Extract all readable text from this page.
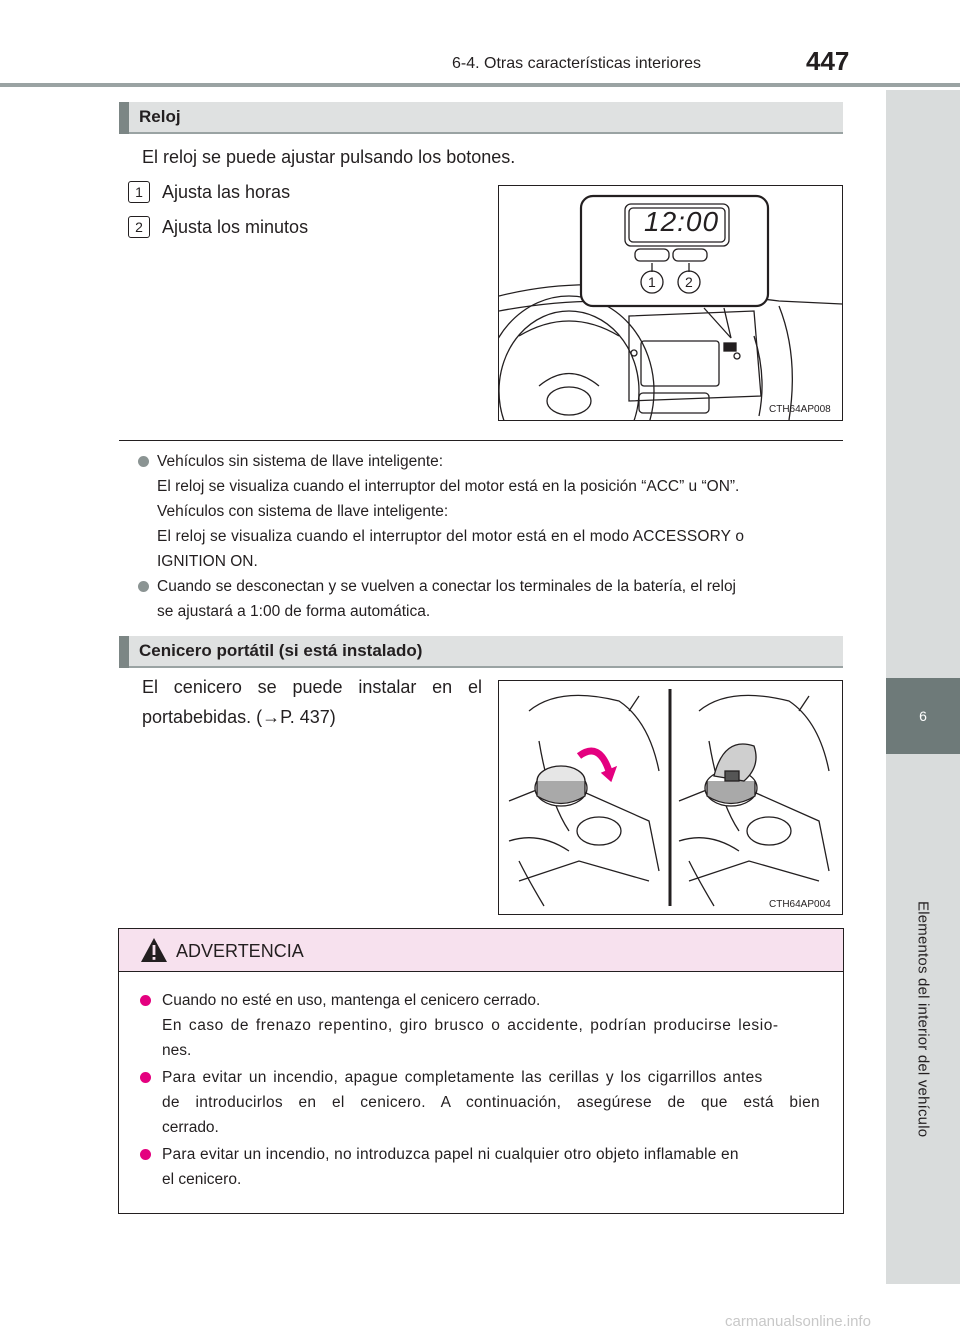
6-4. Otras características interiores	447
6
Elementos del interior del vehículo
Reloj
El reloj se puede ajustar pulsando los botones.
1	Ajusta las horas
2	Ajusta los minutos	12:00
1 2
CTH64AP008
Vehículos sin sistema de llave inteligente:
El reloj se visualiza cuando el interruptor del motor está en la posición “ACC” u “ON”.
Vehículos con sistema de llave inteligente:
El reloj se visualiza cuando el interruptor del motor está en el modo ACCESSORY o
IGNITION ON.
Cuando se desconectan y se vuelven a conectar los terminales de la batería, el reloj
se ajustará a 1:00 de forma automática.
Cenicero portátil (si está instalado)
El cenicero se puede instalar en el
portabebidas. (→P. 437)
CTH64AP004
ADVERTENCIA
Cuando no esté en uso, mantenga el cenicero cerrado.
En caso de frenazo repentino, giro brusco o accidente, podrían producirse lesio-
nes.
Para evitar un incendio, apague completamente las cerillas y los cigarrillos antes
de introducirlos en el cenicero. A continuación, asegúrese de que está bien
cerrado.
Para evitar un incendio, no introduzca papel ni cualquier otro objeto inflamable en
el cenicero.
carmanualsonline.info
